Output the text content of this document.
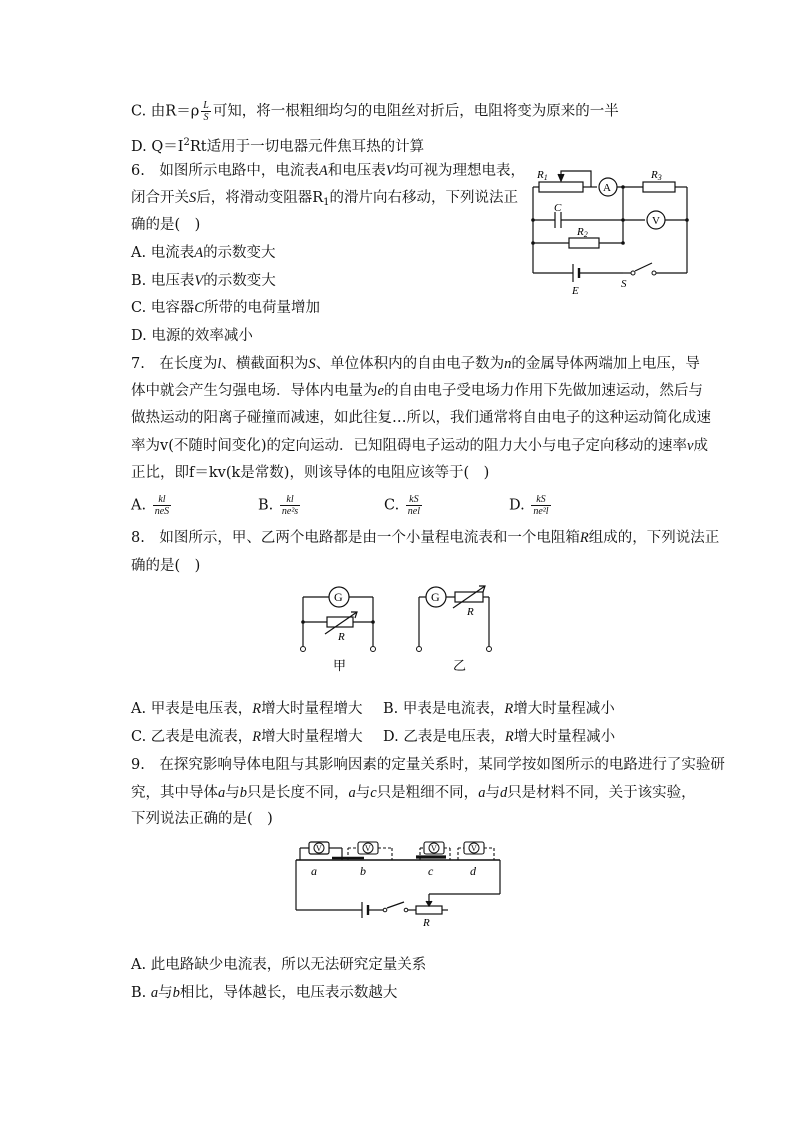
C. 由$R=\rho \frac{L}{S}$ 可知，将一根粗细均匀的电阻丝对折后，电阻将变为原来的一半
D. $Q=I^2Rt$适用于一切电器元件焦耳热的计算
6.　如图所示电路中，电流表A和电压表V均可视为理想电表，
闭合开关S后，将滑动变阻器$R_1$的滑片向右移动，下列说法正
确的是(　)
A. 电流表A的示数变大
B. 电压表V的示数变大
C. 电容器C所带的电荷量增加
D. 电源的效率减小
R1	R3
R2
C
E
S
A
V
7.　在长度为l、横截面积为S、单位体积内的自由电子数为n的金属导体两端加上电压，导
体中就会产生匀强电场．导体内电量为e的自由电子受电场力作用下先做加速运动，然后与
做热运动的阳离子碰撞而减速，如此往复…所以，我们通常将自由电子的这种运动简化成速
率为v(不随时间变化)的定向运动．已知阻碍电子运动的阻力大小与电子定向移动的速率v成
正比，即f＝kv(k是常数)，则该导体的电阻应该等于(　)
A. $\frac{kl}{\text{neS}}$	B. $\frac{kl}{\text{ne²s}}$	C. $\frac{kS}{\text{nel}}$	D. $\frac{kS}{\text{ne²l}}$
8.　如图所示，甲、乙两个电路都是由一个小量程电流表和一个电阻箱R组成的，下列说法正
确的是(　)
G	G
R
R
甲	乙
A. 甲表是电压表，R增大时量程增大 B. 甲表是电流表，R增大时量程减小
C. 乙表是电流表，R增大时量程增大 D. 乙表是电压表，R增大时量程减小
9.　在探究影响导体电阻与其影响因素的定量关系时，某同学按如图所示的电路进行了实验研
究，其中导体a与b只是长度不同，a与c只是粗细不同，a与d只是材料不同，关于该实验，
下列说法正确的是(　)
V	V	V	V
a	b	c	d
R
A. 此电路缺少电流表，所以无法研究定量关系
B. a与b相比，导体越长，电压表示数越大
